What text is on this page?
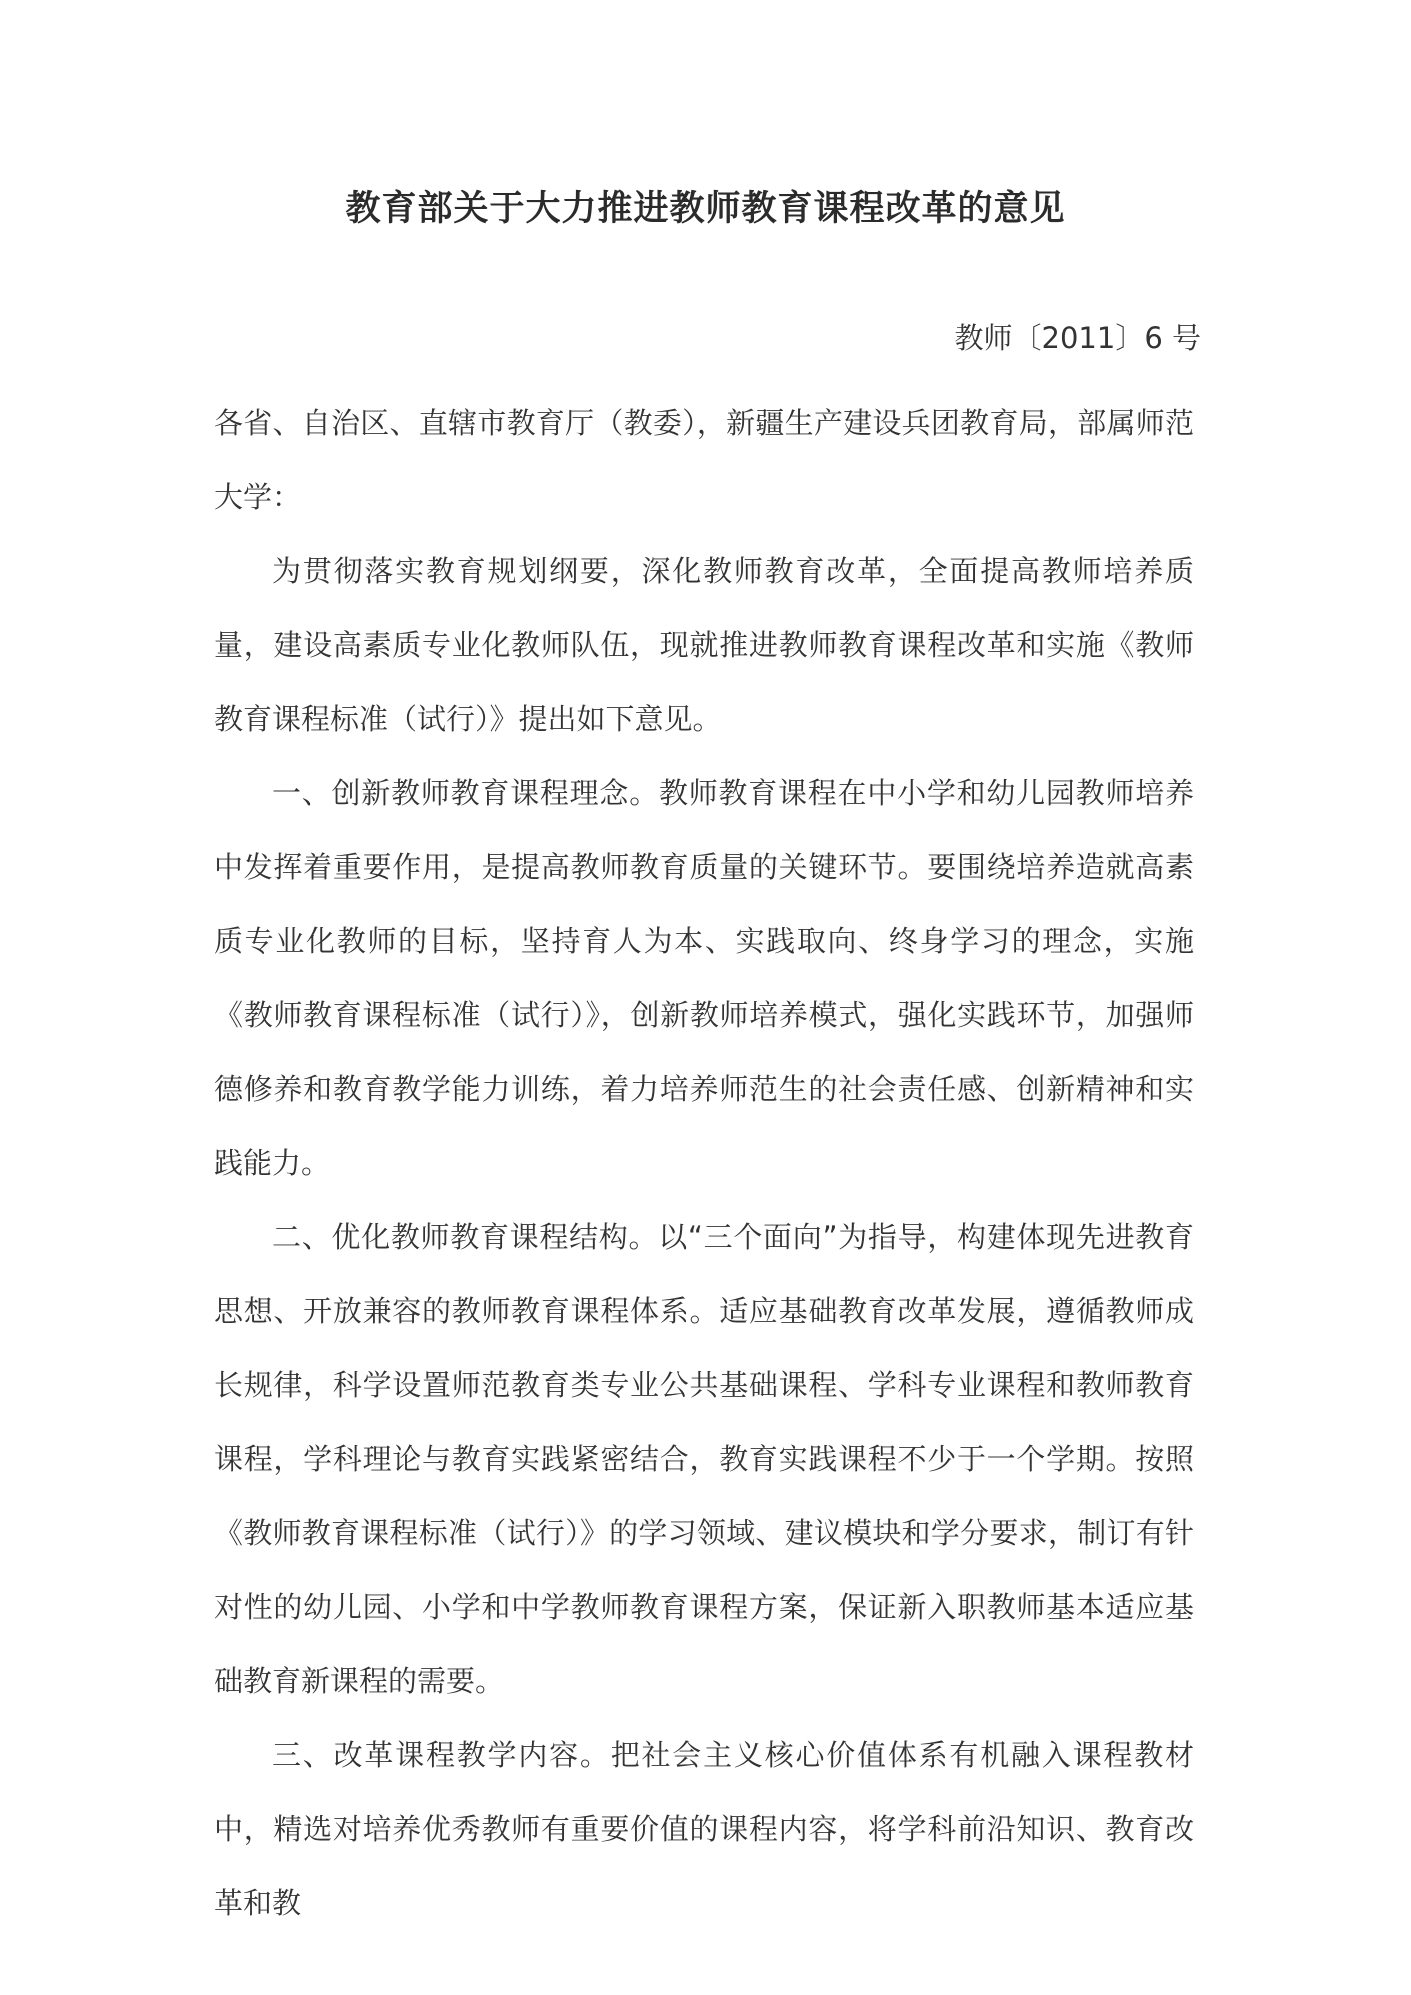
教育部关于大力推进教师教育课程改革的意见
教师〔2011〕6 号

各省、自治区、直辖市教育厅（教委），新疆生产建设兵团教育局，部属师范大学：

为贯彻落实教育规划纲要，深化教师教育改革，全面提高教师培养质量，建设高素质专业化教师队伍，现就推进教师教育课程改革和实施《教师教育课程标准（试行）》提出如下意见。

一、创新教师教育课程理念。教师教育课程在中小学和幼儿园教师培养中发挥着重要作用，是提高教师教育质量的关键环节。要围绕培养造就高素质专业化教师的目标，坚持育人为本、实践取向、终身学习的理念，实施《教师教育课程标准（试行）》，创新教师培养模式，强化实践环节，加强师德修养和教育教学能力训练，着力培养师范生的社会责任感、创新精神和实践能力。

二、优化教师教育课程结构。以“三个面向”为指导，构建体现先进教育思想、开放兼容的教师教育课程体系。适应基础教育改革发展，遵循教师成长规律，科学设置师范教育类专业公共基础课程、学科专业课程和教师教育课程，学科理论与教育实践紧密结合，教育实践课程不少于一个学期。按照《教师教育课程标准（试行）》的学习领域、建议模块和学分要求，制订有针对性的幼儿园、小学和中学教师教育课程方案，保证新入职教师基本适应基础教育新课程的需要。

三、改革课程教学内容。把社会主义核心价值体系有机融入课程教材中，精选对培养优秀教师有重要价值的课程内容，将学科前沿知识、教育改革和教
